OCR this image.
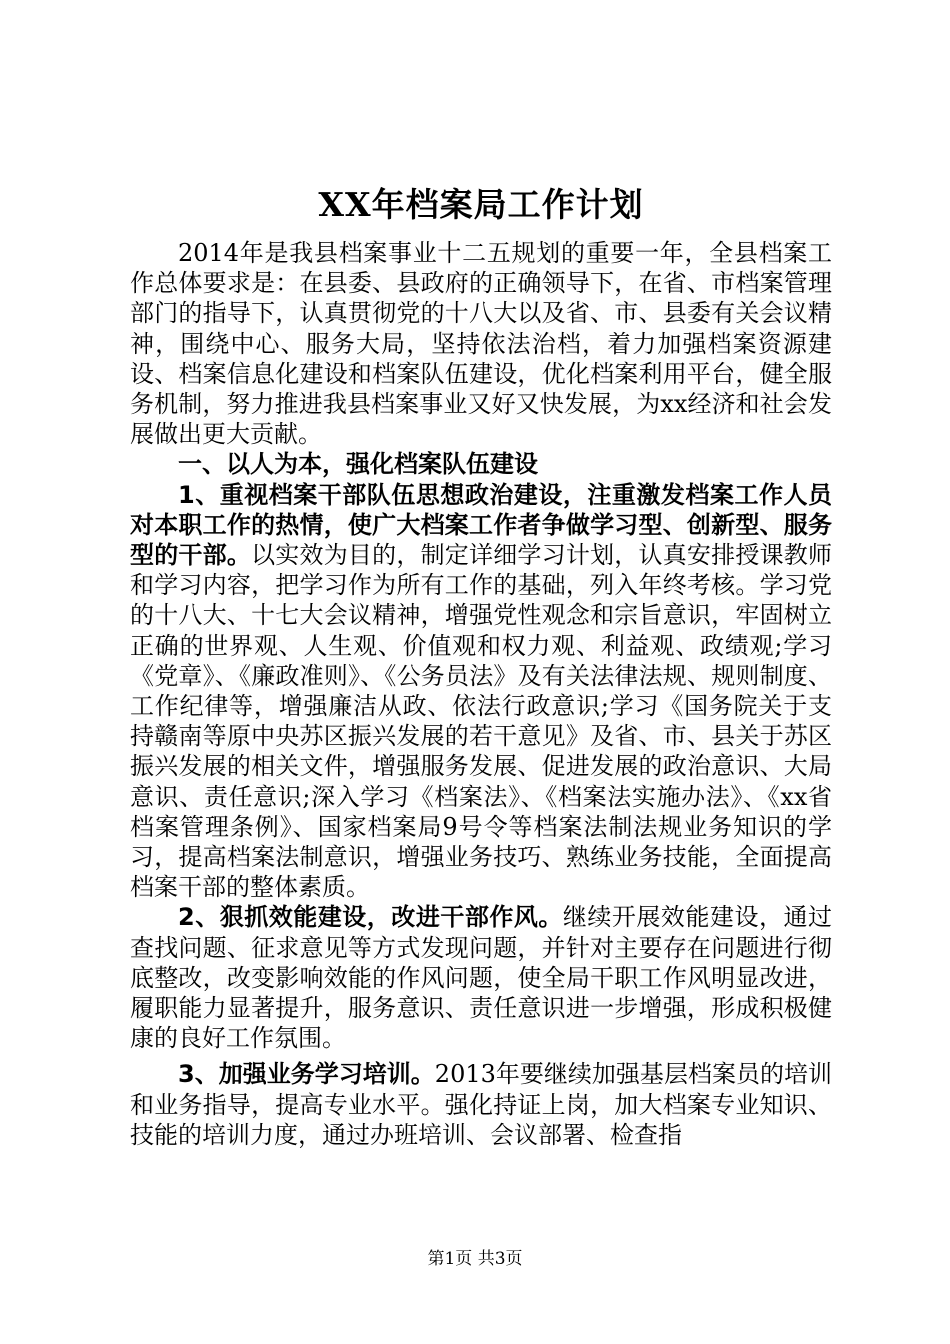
XX年档案局工作计划

2014年是我县档案事业十二五规划的重要一年，全县档案工作总体要求是：在县委、县政府的正确领导下，在省、市档案管理部门的指导下，认真贯彻党的十八大以及省、市、县委有关会议精神，围绕中心、服务大局，坚持依法治档，着力加强档案资源建设、档案信息化建设和档案队伍建设，优化档案利用平台，健全服务机制，努力推进我县档案事业又好又快发展，为xx经济和社会发展做出更大贡献。

一、以人为本，强化档案队伍建设

1、重视档案干部队伍思想政治建设，注重激发档案工作人员对本职工作的热情，使广大档案工作者争做学习型、创新型、服务型的干部。以实效为目的，制定详细学习计划，认真安排授课教师和学习内容，把学习作为所有工作的基础，列入年终考核。学习党的十八大、十七大会议精神，增强党性观念和宗旨意识，牢固树立正确的世界观、人生观、价值观和权力观、利益观、政绩观;学习《党章》、《廉政准则》、《公务员法》及有关法律法规、规则制度、工作纪律等，增强廉洁从政、依法行政意识;学习《国务院关于支持赣南等原中央苏区振兴发展的若干意见》及省、市、县关于苏区振兴发展的相关文件，增强服务发展、促进发展的政治意识、大局意识、责任意识;深入学习《档案法》、《档案法实施办法》、《xx省档案管理条例》、国家档案局9号令等档案法制法规业务知识的学习，提高档案法制意识，增强业务技巧、熟练业务技能，全面提高档案干部的整体素质。

2、狠抓效能建设，改进干部作风。继续开展效能建设，通过查找问题、征求意见等方式发现问题，并针对主要存在问题进行彻底整改，改变影响效能的作风问题，使全局干职工作风明显改进，履职能力显著提升，服务意识、责任意识进一步增强，形成积极健康的良好工作氛围。

3、加强业务学习培训。2013年要继续加强基层档案员的培训和业务指导，提高专业水平。强化持证上岗，加大档案专业知识、技能的培训力度，通过办班培训、会议部署、检查指

第1页 共3页
